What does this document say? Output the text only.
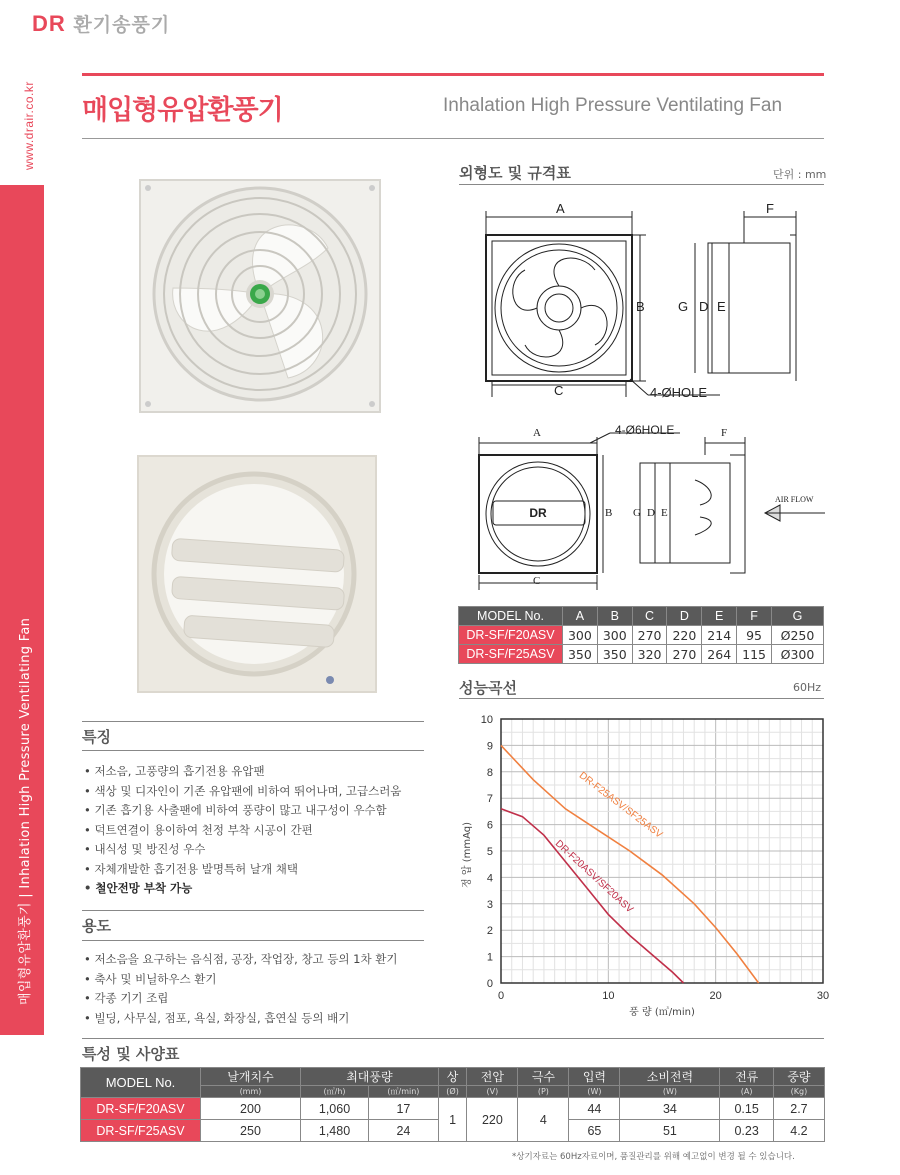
DR 환기송풍기
www.drair.co.kr
매입형유압환풍기 | Inhalation High Pressure Ventilating Fan
매입형유압환풍기	Inhalation High Pressure Ventilating Fan
외형도 및 규격표	단위 : mm
A
B
C
F
G D E
4-ØHOLE
DR
A
B
C
F
G D E
4-Ø6HOLE
AIR FLOW
MODEL No.	A	B	C	D	E	F	G
DR-SF/F20ASV	300	300	270	220	214	95	Ø250
DR-SF/F25ASV	350	350	320	270	264	115	Ø300
성능곡선	60Hz
정 압 (mmAq)
풍 량 (㎥/min)
0
1
2
3
4
5
6
7
8
9
10
0	10	20	30
DR-F25ASV/SF25ASV
DR-F20ASV/SF20ASV
특징
• 저소음, 고풍량의 흡기전용 유압팬
• 색상 및 디자인이 기존 유압팬에 비하여 뛰어나며, 고급스러움
• 기존 흡기용 사출팬에 비하여 풍량이 많고 내구성이 우수함
• 덕트연결이 용이하여 천정 부착 시공이 간편
• 내식성 및 방진성 우수
• 자체개발한 흡기전용 발명특허 날개 채택
• 철안전망 부착 가능
용도
• 저소음을 요구하는 음식점, 공장, 작업장, 창고 등의 1차 환기
• 축사 및 비닐하우스 환기
• 각종 기기 조립
• 빌딩, 사무실, 점포, 욕실, 화장실, 흡연실 등의 배기
특성 및 사양표
MODEL No.	날개치수	최대풍량		상	전압	극수	입력	소비전력	전류	중량

	(mm)	(㎥/h)	(㎥/min)	(Ø)	(V)	(P)	(W)	(W)	(A)	(Kg)

DR-SF/F20ASV	200	1,060	17	1	220	4	44	34	0.15	2.7
DR-SF/F25ASV	250	1,480	24				65	51	0.23	4.2
*상기자료는 60Hz자료이며, 품질관리를 위해 예고없이 변경 될 수 있습니다.
